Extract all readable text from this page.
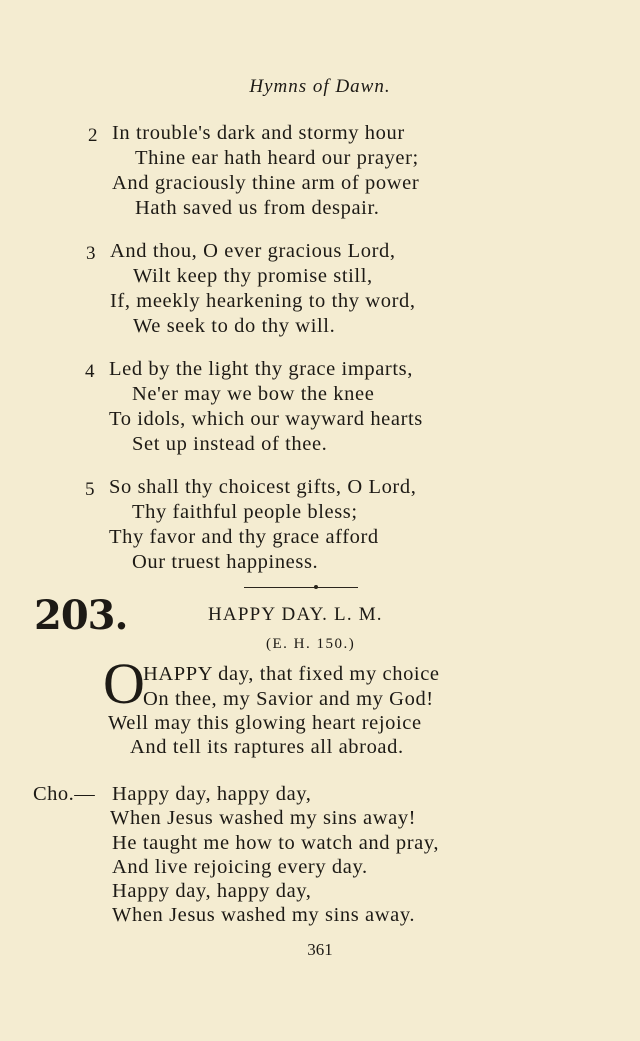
Hymns of Dawn.
2 In trouble's dark and stormy hour
Thine ear hath heard our prayer;
And graciously thine arm of power
Hath saved us from despair.
3 And thou, O ever gracious Lord,
Wilt keep thy promise still,
If, meekly hearkening to thy word,
We seek to do thy will.
4 Led by the light thy grace imparts,
Ne'er may we bow the knee
To idols, which our wayward hearts
Set up instead of thee.
5 So shall thy choicest gifts, O Lord,
Thy faithful people bless;
Thy favor and thy grace afford
Our truest happiness.
203.	HAPPY DAY. L. M.
(E. H. 150.)
O
HAPPY day, that fixed my choice
On thee, my Savior and my God!
Well may this glowing heart rejoice
And tell its raptures all abroad.
Cho.— Happy day, happy day,
When Jesus washed my sins away!
He taught me how to watch and pray,
And live rejoicing every day.
Happy day, happy day,
When Jesus washed my sins away.
361
